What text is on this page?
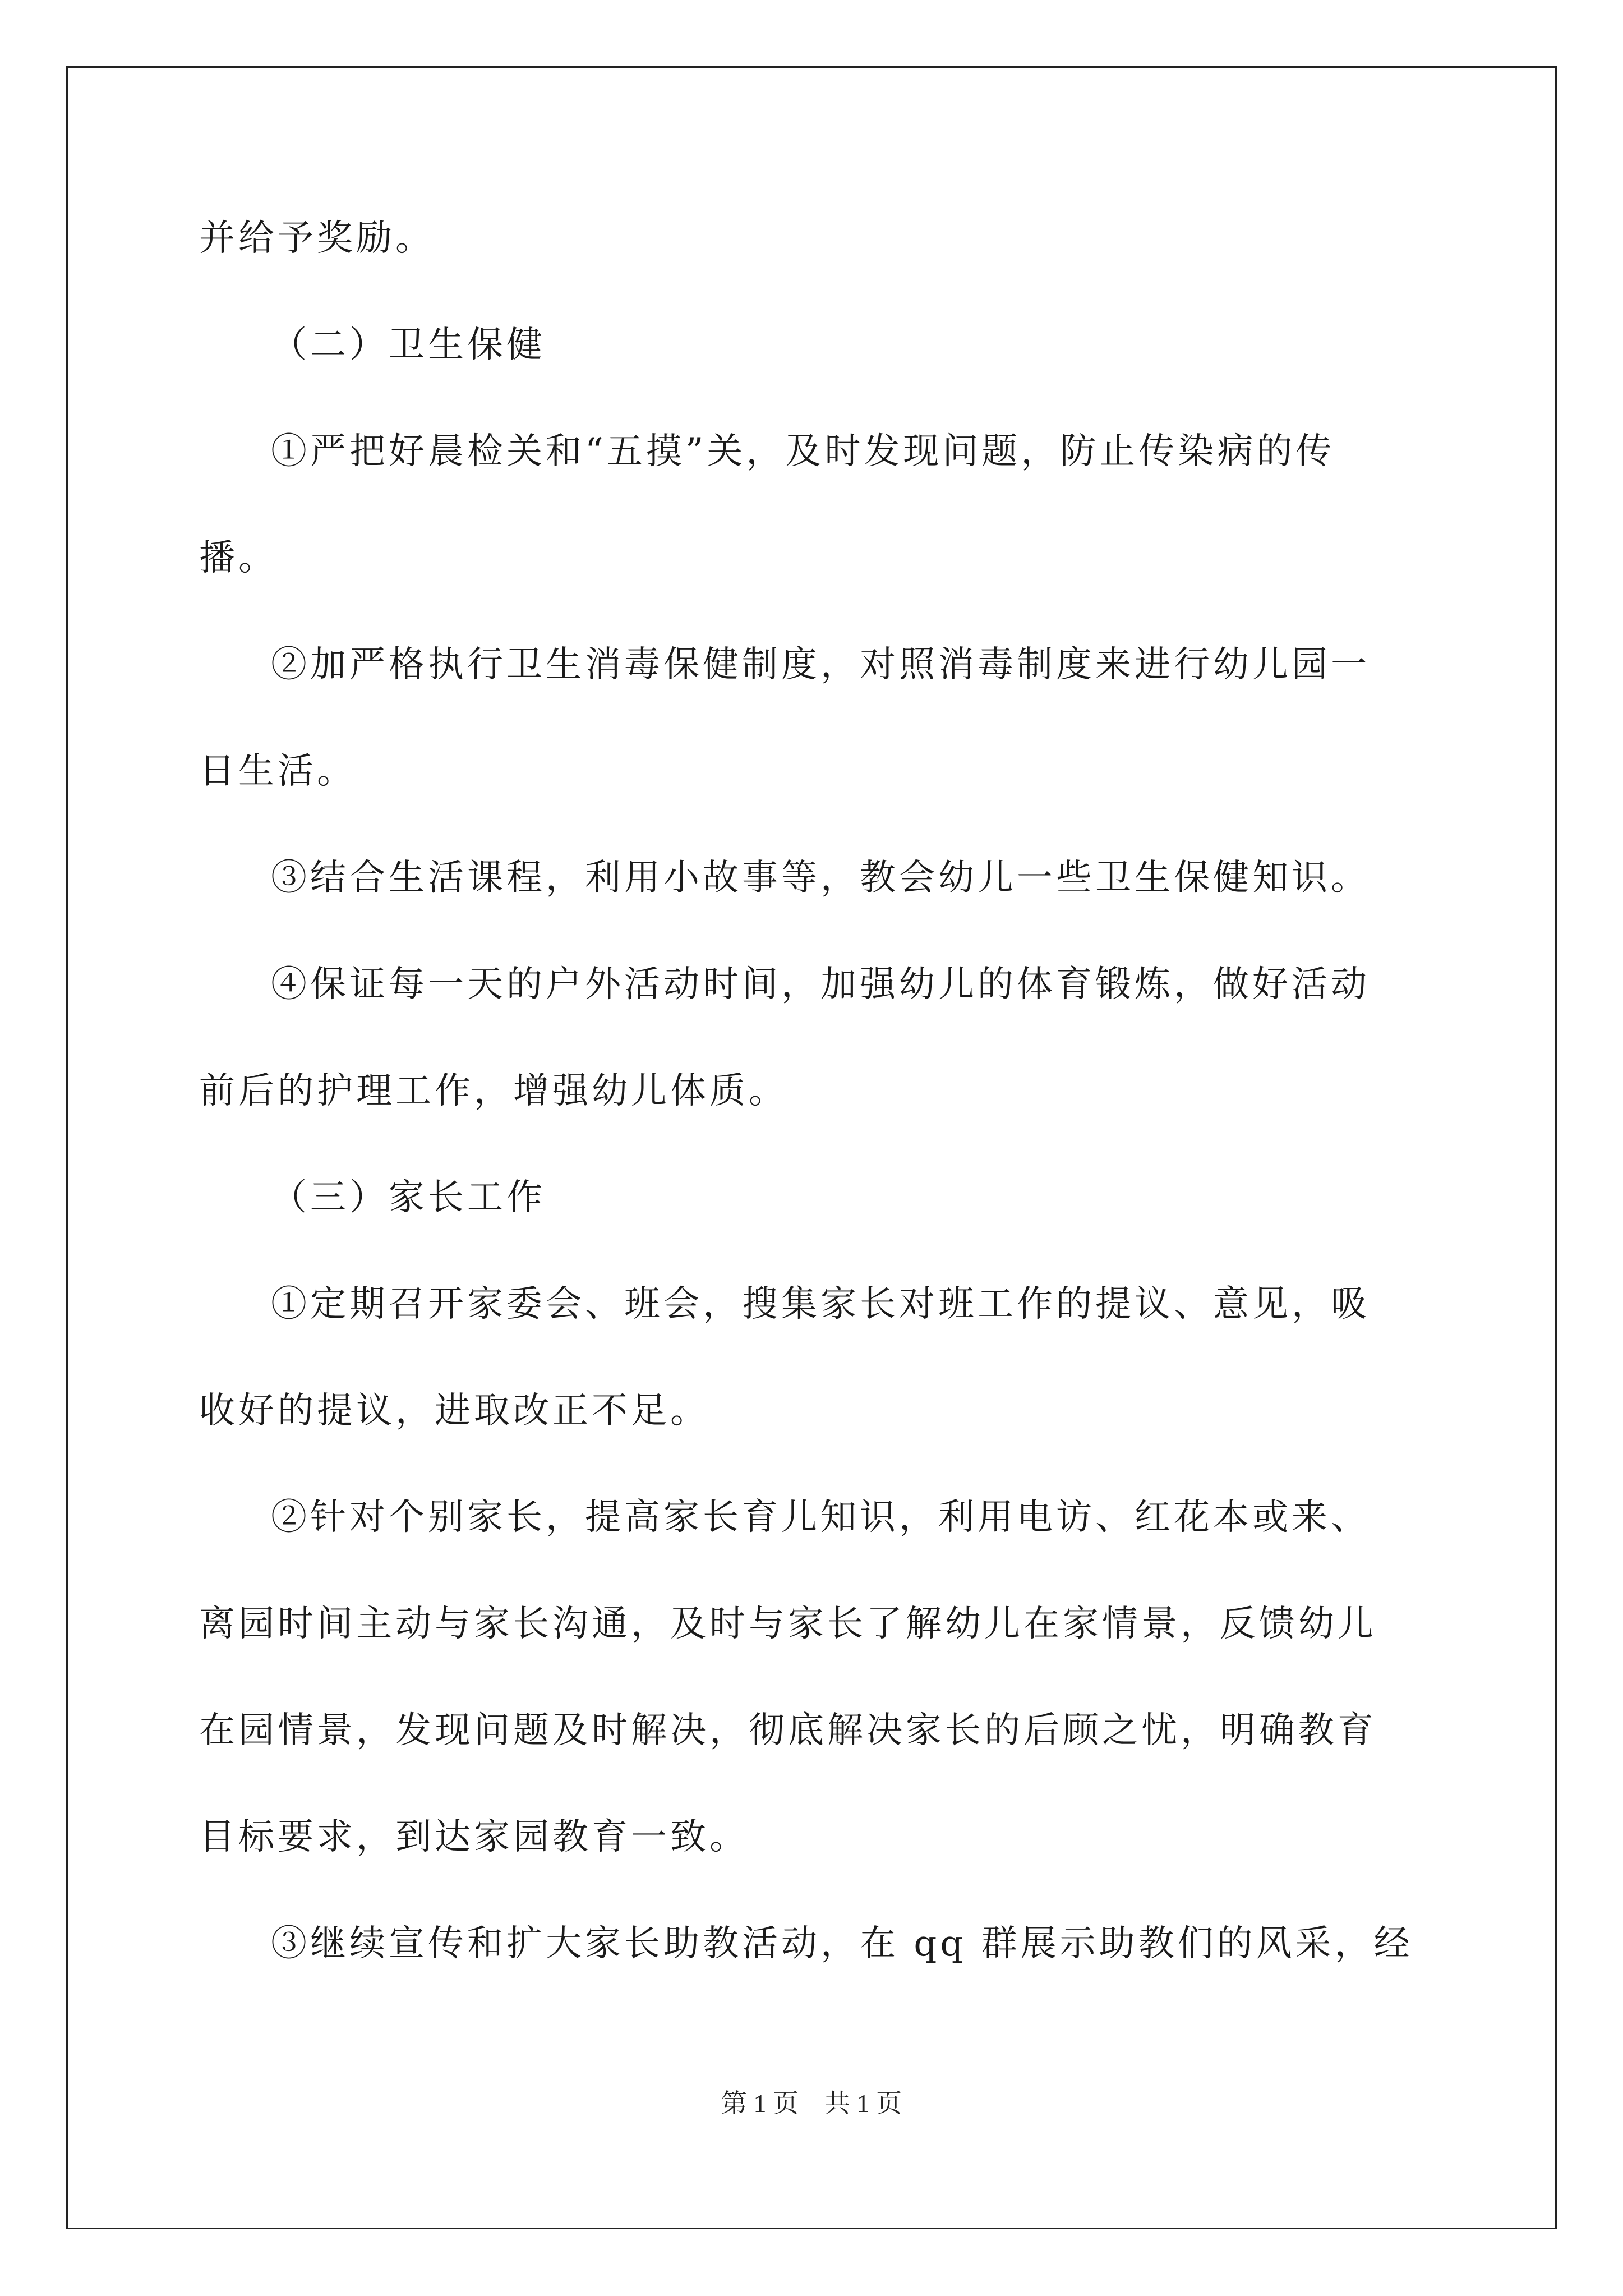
并给予奖励。
（二）卫生保健
①严把好晨检关和“五摸”关，及时发现问题，防止传染病的传
播。
②加严格执行卫生消毒保健制度，对照消毒制度来进行幼儿园一
日生活。
③结合生活课程，利用小故事等，教会幼儿一些卫生保健知识。
④保证每一天的户外活动时间，加强幼儿的体育锻炼，做好活动
前后的护理工作，增强幼儿体质。
（三）家长工作
①定期召开家委会、班会，搜集家长对班工作的提议、意见，吸
收好的提议，进取改正不足。
②针对个别家长，提高家长育儿知识，利用电访、红花本或来、
离园时间主动与家长沟通，及时与家长了解幼儿在家情景，反馈幼儿
在园情景，发现问题及时解决，彻底解决家长的后顾之忧，明确教育
目标要求，到达家园教育一致。
③继续宣传和扩大家长助教活动，在 qq 群展示助教们的风采，经
第 1 页　共 1 页
